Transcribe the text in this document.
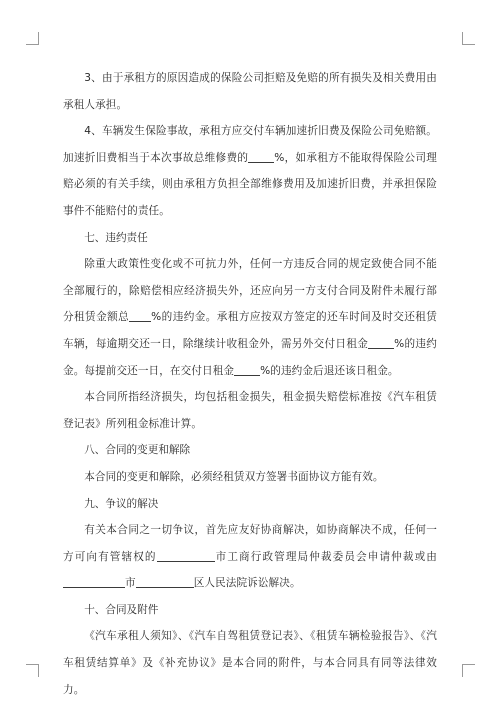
3、由于承租方的原因造成的保险公司拒赔及免赔的所有损失及相关费用由承租人承担。

4、车辆发生保险事故，承租方应交付车辆加速折旧费及保险公司免赔额。加速折旧费相当于本次事故总维修费的 %，如承租方不能取得保险公司理赔必须的有关手续，则由承租方负担全部维修费用及加速折旧费，并承担保险事件不能赔付的责任。

七、违约责任

除重大政策性变化或不可抗力外，任何一方违反合同的规定致使合同不能全部履行的，除赔偿相应经济损失外，还应向另一方支付合同及附件未履行部分租赁金额总 %的违约金。承租方应按双方签定的还车时间及时交还租赁车辆，每逾期交还一日，除继续计收租金外，需另外交付日租金 %的违约金。每提前交还一日，在交付日租金 %的违约金后退还该日租金。

本合同所指经济损失，均包括租金损失，租金损失赔偿标准按《汽车租赁登记表》所列租金标准计算。

八、合同的变更和解除

本合同的变更和解除，必须经租赁双方签署书面协议方能有效。

九、争议的解决

有关本合同之一切争议，首先应友好协商解决，如协商解决不成，任何一方可向有管辖权的	市工商行政管理局仲裁委员会申请仲裁或由市	区人民法院诉讼解决。

十、合同及附件

《汽车承租人须知》、《汽车自驾租赁登记表》、《租赁车辆检验报告》、《汽车租赁结算单》及《补充协议》是本合同的附件，与本合同具有同等法律效力。
